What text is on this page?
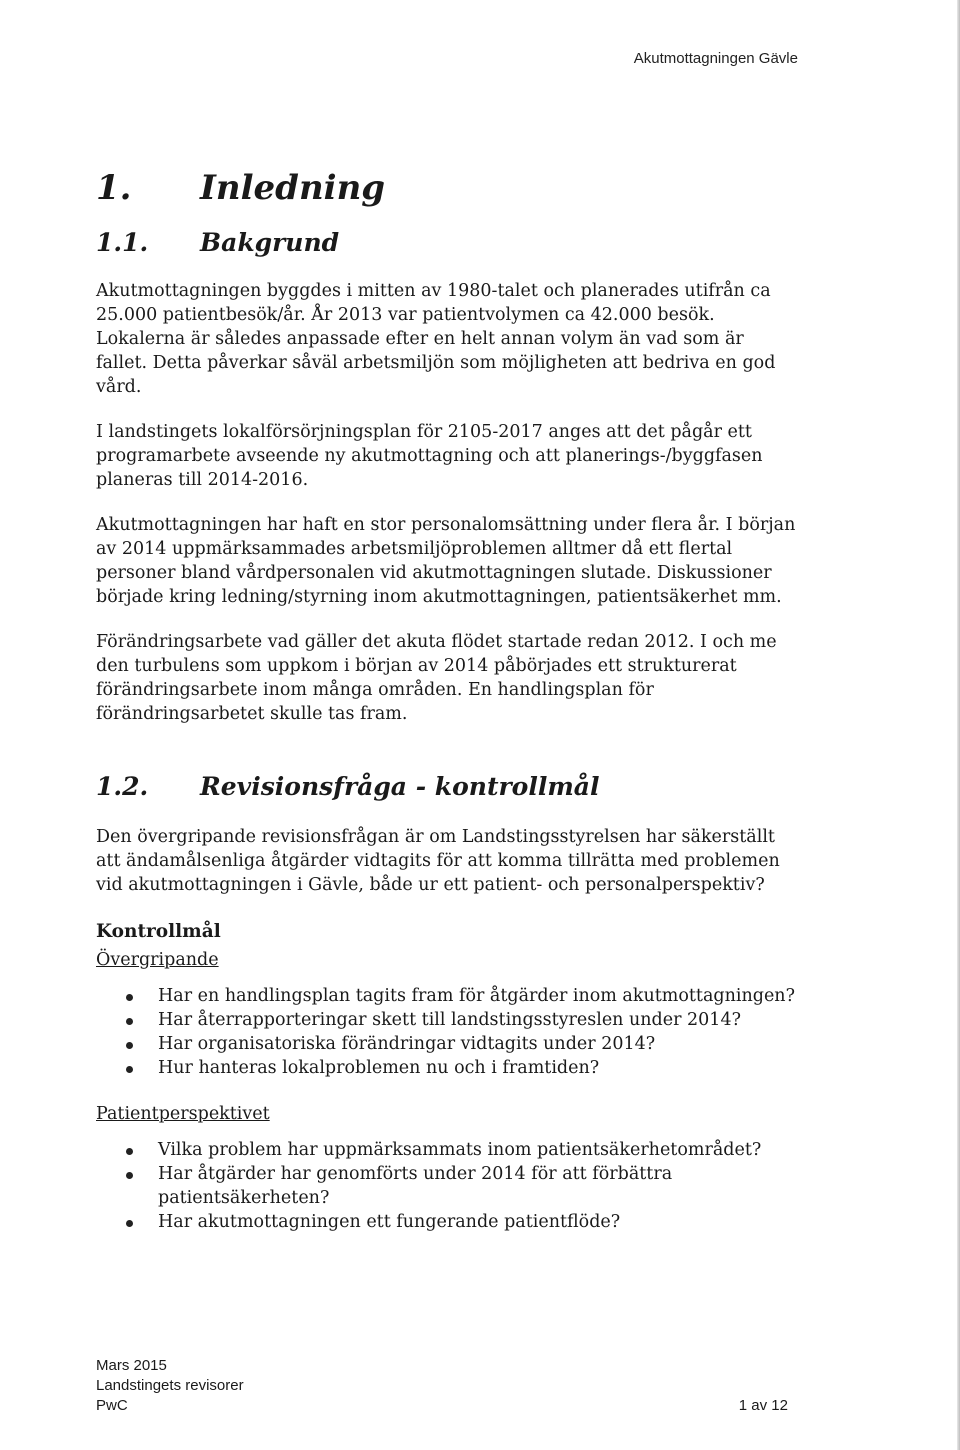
Akutmottagningen Gävle
1.	Inledning
1.1.	Bakgrund

Akutmottagningen byggdes i mitten av 1980-talet och planerades utifrån ca 25.000 patientbesök/år. År 2013 var patientvolymen ca 42.000 besök. Lokalerna är således anpassade efter en helt annan volym än vad som är fallet. Detta påverkar såväl arbetsmiljön som möjligheten att bedriva en god vård.

I landstingets lokalförsörjningsplan för 2105-2017 anges att det pågår ett programarbete avseende ny akutmottagning och att planerings-/byggfasen planeras till 2014-2016.

Akutmottagningen har haft en stor personalomsättning under flera år. I början av 2014 uppmärksammades arbetsmiljöproblemen alltmer då ett flertal personer bland vårdpersonalen vid akutmottagningen slutade. Diskussioner började kring ledning/styrning inom akutmottagningen, patientsäkerhet mm.

Förändringsarbete vad gäller det akuta flödet startade redan 2012. I och me den turbulens som uppkom i början av 2014 påbörjades ett strukturerat förändringsarbete inom många områden. En handlingsplan för förändringsarbetet skulle tas fram.

1.2.	Revisionsfråga - kontrollmål

Den övergripande revisionsfrågan är om Landstingsstyrelsen har säkerställt att ändamålsenliga åtgärder vidtagits för att komma tillrätta med problemen vid akutmottagningen i Gävle, både ur ett patient- och personalperspektiv?

Kontrollmål
Övergripande
Har en handlingsplan tagits fram för åtgärder inom akutmottagningen?
Har återrapporteringar skett till landstingsstyreslen under 2014?
Har organisatoriska förändringar vidtagits under 2014?
Hur hanteras lokalproblemen nu och i framtiden?
Patientperspektivet
Vilka problem har uppmärksammats inom patientsäkerhetområdet?
Har åtgärder har genomförts under 2014 för att förbättra patientsäkerheten?
Har akutmottagningen ett fungerande patientflöde?
Mars 2015
Landstingets revisorer
PwC	1 av 12
